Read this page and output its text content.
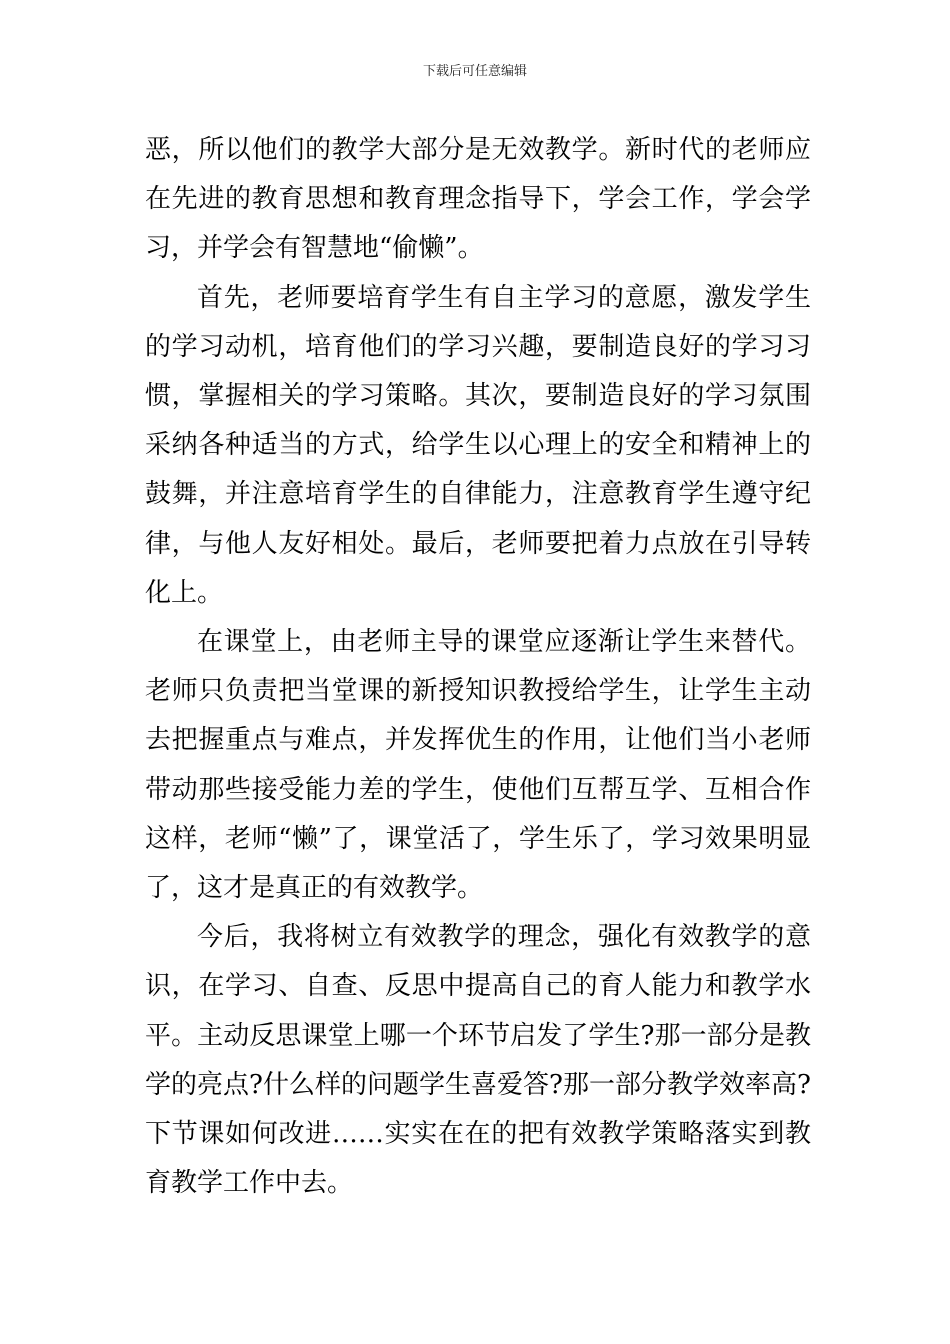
下载后可任意编辑

恶，所以他们的教学大部分是无效教学。新时代的老师应在先进的教育思想和教育理念指导下，学会工作，学会学习，并学会有智慧地“偷懒”。

首先，老师要培育学生有自主学习的意愿，激发学生的学习动机，培育他们的学习兴趣，要制造良好的学习习惯，掌握相关的学习策略。其次，要制造良好的学习氛围采纳各种适当的方式，给学生以心理上的安全和精神上的鼓舞，并注意培育学生的自律能力，注意教育学生遵守纪律，与他人友好相处。最后，老师要把着力点放在引导转化上。

在课堂上，由老师主导的课堂应逐渐让学生来替代。老师只负责把当堂课的新授知识教授给学生，让学生主动去把握重点与难点，并发挥优生的作用，让他们当小老师带动那些接受能力差的学生，使他们互帮互学、互相合作这样，老师“懒”了，课堂活了，学生乐了，学习效果明显了，这才是真正的有效教学。

今后，我将树立有效教学的理念，强化有效教学的意识，在学习、自查、反思中提高自己的育人能力和教学水平。主动反思课堂上哪一个环节启发了学生?那一部分是教学的亮点?什么样的问题学生喜爱答?那一部分教学效率高?下节课如何改进……实实在在的把有效教学策略落实到教育教学工作中去。
